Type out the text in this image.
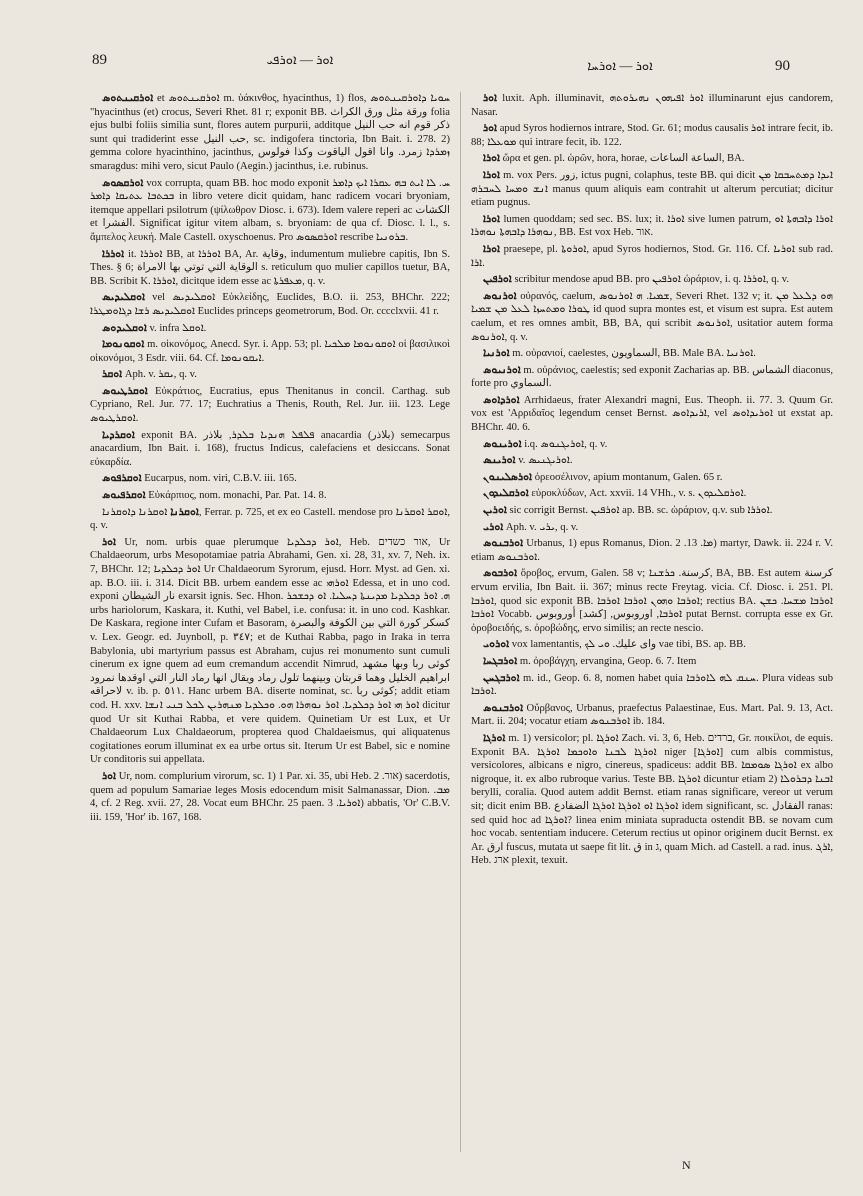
89	ܐܘܪ — ܐܘܪܦܝ	ܐܘܪ — ܐܘܪܚܐ	90

ܐܘܪܩܝܢܬܘܣ et ܐܘܪܩܝܢܬܘܣ m. ὑάκινθος, hyacinthus, 1) flos, ܚܘܝܐ ܕܐܘܪܩܝܢܬܘܣ "hyacinthus (et) crocus, Severi Rhet. 81 r; exponit BB. ورقة مثل ورق الكراث folia ejus bulbi foliis similia sunt, flores autem purpurii, additque ذكر قوم انه حب النيل sunt qui tradiderint esse حب النيل, sc. indigofera tinctoria, Ibn Bait. i. 278. 2) gemma colore hyacinthino, jacinthus, ܙܡܪܕܐ زمرد. وانا اقول الياقوت وكذا فولوس smaragdus: mihi vero, sicut Paulo (Aegin.) jacinthus, i.e. rubinus.

ܐܘܪܩܣܘܣ vox corrupta, quam BB. hoc modo exponit ܚ. ܠܐ ܐܝܬ ܒܗ ܥܩܪܐ ܐܝܟ ܕܐܡܪ ܒܟܬܒܐ ܥܬܝܩܐ ܕܐܡܪ in libro vetere dicit quidam, hanc radicem vocari bryoniam, itemque appellari psilotrum (ψίλωθρον Diosc. i. 673). Idem valere reperi ac الكشات et الفشرا. Significat igitur vitem albam, s. bryoniam: de qua cf. Diosc. l. l., s. ἄμπελος λευκή. Male Castell. oxyschoenus. Pro ܐܘܪܩܣܘܣ rescribe ܒܪܘܢܝܐ.

ܐܘܪܪܐ it. ܐܘܪܪܐ BB, at ܐܘܪܪܐ BA, Ar. وقاية, indumentum muliebre capitis, Ibn S. Thes. § 6; الوقاية التي توتي بها الامراة s. reticulum quo mulier capillos tuetur, BA, BB. Scribit K. ܐܘܪܪܐ, dicitque idem esse ac ܡܥܦܪܬܐ, q. v.

ܐܘܩܠܝܕܝܣ vel ܐܘܩܠܝܕܝܣ Εὐκλείδης, Euclides, B.O. ii. 253, BHChr. 222; ܐܘܩܠܝܕܝܣ ܪܫܐ ܕܓܐܘܡܛܪܐ Euclides princeps geometrorum, Bod. Or. cccclxvii. 41 r.

ܐܘܩܠܝܕܘܣ v. infra ܐܘܩܠ.

ܐܘܩܘܢܘܡܐ m. οἰκονόμος, Anecd. Syr. i. App. 53; pl. ܐܘܩܘܢܘܡܐ ܡܠܟܝܐ οἱ βασιλικοὶ οἰκονόμοι, 3 Esdr. viii. 64. Cf. ܐܝܩܘܢܘܡܐ.

ܐܘܩܪ Aph. v. ܝܩܪ, q. v.

ܐܘܩܪܛܝܘܣ Εὐκράτιος, Eucratius, epus Thenitanus in concil. Carthag. sub Cypriano, Rel. Jur. 77. 17; Euchratius a Thenis, Routh, Rel. Jur. iii. 123. Lege ܐܘܩܪܛܝܘܣ.

ܐܘܩܪܕܝܐ exponit BA. ܦܠܦܠ ܗܢܕܝܐ ܒܠܕܪ, بلاذر anacardia (بلاذر) semecarpus anacardium, Ibn Bait. i. 168), fructus Indicus, calefaciens et desiccans. Sonat εὐκαρδία.

ܐܘܩܪܦܘܣ Eucarpus, nom. viri, C.B.V. iii. 165.

ܐܘܩܪܦܝܘܣ Εὐκάρπιος, nom. monachi, Par. Pat. 14. 8.

ܐܘܩܪܢܐ ܐܘܩܪܢܐ ܕܐܘܩܪܢܐ, Ferrar. p. 725, et ex eo Castell. mendose pro ܐܘܩܪ ܐܘܩܪܢܐ, q. v.

ܐܘܪ Ur, nom. urbis quae plerumque ܐܘܪ ܕܟܠܕܝܐ, Heb. אור כשדים, Ur Chaldaeorum, urbs Mesopotamiae patria Abrahami, Gen. xi. 28, 31, xv. 7, Neh. ix. 7, BHChr. 12; ܐܘܪ ܕܟܠܕܝܐ Ur Chaldaeorum Syrorum, ejusd. Horr. Myst. ad Gen. xi. ap. B.O. iii. i. 314. Dicit BB. urbem eandem esse ac ܐܘܪܗܝ Edessa, et in uno cod. exponi نار الشيطان exarsit ignis. Sec. Hhon. ܗ. ܐܘܪ ܕܟܠܕܝܐ ܡܕܝܢܬܐ ܕܚܠܝܐ. ܐܘ ܕܟܫܟܪ urbs hariolorum, Kaskara, it. Kuthi, vel Babel, i.e. confusa: it. in uno cod. Kashkar. De Kaskara, regione inter Cufam et Basoram, كسكر كورة التي بين الكوفة والبصرة v. Lex. Geogr. ed. Juynboll, p. ٣٤٧; et de Kuthai Rabba, pago in Iraka in terra Babylonia, ubi martyrium passus est Abraham, cujus rei monumento sunt cumuli cinerum ex igne quem ad eum cremandum accendit Nimrud, كوثى ربا وبها مشهد ابراهيم الخليل وهما قربتان وبينهما تلول رماد ويقال انها رماد النار التي اوقدها نمرود لاحراقه v. ib. p. ٥١١. Hanc urbem BA. diserte nominat, sc. كوثى ربا; addit etiam cod. H. xxv. ܐܘܪ ܗܝ ܐܘܪ ܕܟܠܕܝܐ. ܐܘܪ ܢܘܗܪܐ ܗܘ. ܘܟܠܕܝܐ ܡܢܗܪܝܢ ܠܟܠ ܒܢܝ ܐܢܫܐ dicitur quod Ur sit Kuthai Rabba, et vere quidem. Quinetiam Ur est Lux, et Ur Chaldaeorum Lux Chaldaeorum, propterea quod Chaldaeismus, qui aliquatenus cogitationes eorum illuminat ex ea urbe ortus sit. Iterum Ur est Babel, sic e nomine Ur conditoris sui appellata.

ܐܘܪ Ur, nom. complurium virorum, sc. 1) 1 Par. xi. 35, ubi Heb. אור. 2) sacerdotis, quem ad populum Samariae leges Mosis edocendum misit Salmanassar, Dion. ܡܒ. 4, cf. 2 Reg. xvii. 27, 28. Vocat eum BHChr. 25 paen. ܐܘܪܝܐ. 3) abbatis, 'Or' C.B.V. iii. 159, 'Hor' ib. 167, 168.

ܐܘܪ luxit. Aph. illuminavit, ܐܘܪ ܐܦܝܗܘܢ ܢܗܝܪܘܬܗ illuminarunt ejus candorem, Nasar.

ܐܘܪ apud Syros hodiernos intrare, Stod. Gr. 61; modus causalis ܐܘܪ intrare fecit, ib. 88; ܡܘܥܠܐ qui intrare fecit, ib. 122.

ܐܘܪܐ ὥρα et gen. pl. ὡρῶν, hora, horae, الساعة الساعات, BA.

ܐܘܪܐ m. vox Pers. زور, ictus pugni, colaphus, teste BB. qui dicit ܐܝܕܐ ܕܡܬܚܒܩܐ ܡܢ ܐܢܫ ܘܡܚܐ ܠܚܒܪܗ manus quum aliquis eam contrahit ut alterum percutiat; dicitur etiam pugnus.

ܐܘܪܐ lumen quoddam; sed sec. BS. lux; it. ܐܘܪܐ sive lumen patrum, ܐܘܪܐ ܕܐܒܗܬܐ ܐܘ ܢܘܗܪܐ ܕܐܒܗܬܐ ܢܘܗܪܐ, BB. Est vox Heb. אור.

ܐܘܪܐ praesepe, pl. ܐܘܪܘܬܐ, apud Syros hodiernos, Stod. Gr. 116. Cf. ܐܘܪܝܐ sub rad. ܐܪܐ.

ܐܘܪܦܝܢ scribitur mendose apud BB. pro ܐܘܪܦܝܢ ὡράριον, i. q. ܐܘܪܪܐ, q. v.

ܐܘܪܢܘܣ οὐρανός, caelum, ܫܡܝܐ. ܗ ܐܘܪܢܘܣ, Severi Rhet. 132 v; it. ܗܘ ܕܠܥܠ ܡܢ ܛܘܪܐ ܘܡܬܚܙܐ ܠܥܠ ܡܢ ܫܡܝܐ id quod supra montes est, et visum est supra. Est autem caelum, et res omnes ambit, BB, BA, qui scribit ܐܘܪܢܘܣ, usitatior autem forma ܐܘܪܢܘܣ, q. v.

ܐܘܪܢܝܐ m. οὐρανιοί, caelestes, السماويون, BB. Male BA. ܐܘܪܢܝܐ.

ܐܘܪܢܝܘܣ m. οὐράνιος, caelestis; sed exponit Zacharias ap. BB. الشماس diaconus, forte pro السماوي.

ܐܘܪܕܐܘܣ Arrhidaeus, frater Alexandri magni, Eus. Theoph. ii. 77. 3. Quum Gr. vox est 'Αρριδαῖος legendum censet Bernst. ܐܪܝܕܐܘܣ, vel ܐܘܪܝܕܐܘܣ ut exstat ap. BHChr. 40. 6.

ܐܘܪܝܢܘܣ i.q. ܐܘܪܝܓܢܘܣ, q. v.

ܐܘܪܝܢܣ v. ܐܘܪܝܓܢܝܣ.

ܐܘܪܣܠܝܢܘܢ ὀρεοσέλινον, apium montanum, Galen. 65 r.

ܐܘܪܩܠܝܕܘܢ εὐροκλύδων, Act. xxvii. 14 VHh., v. s. ܐܘܪܩܠܝܕܘܢ.

ܐܘܪܝܢ sic corrigit Bernst. ܐܘܪܦܝܢ ap. BB. sc. ὡράριον, q.v. sub ܐܘܪܪܐ.

ܐܘܪܝ Aph. v. ܝܪܝ, q. v.

ܐܘܪܒܢܘܣ Urbanus, 1) epus Romanus, Dion. ܡܐ. 13. 2) martyr, Dawk. ii. 224 r. V. etiam ܐܘܪܒܢܘܣ.

ܐܘܪܒܘܣ ὄροβος, ervum, Galen. 58 v; كرسنة. ܟܪܫܢܐ, BA, BB. Est autem كرسنة ervum ervilia, Ibn Bait. ii. 367; minus recte Freytag. vicia. Cf. Diosc. i. 251. Pl. ܐܘܪܒܐ, quod sic exponit BB. ܐܘܪܒܐ ܘܗܘܢ ܐܘܪܒܐ ܐܘܪܒܐ; rectius BA. ܐܘܪܒܐ ܡܫܚܐ. ܟܫܢ ܐܘܪܒܐ Vocabb. ܐܘܪܒܐ, اوروبوس, [كشد] أوروبوس putat Bernst. corrupta esse ex Gr. ὀροβοειδής, s. ὀροβώδης, ervo similis; an recte nescio.

ܐܘܪܘܝ vox lamentantis, واى عليك. ܘܝ ܠܟ vae tibi, BS. ap. BB.

ܐܘܪܒܓܚܐ m. ὀροβάγχη, ervangina, Geop. 6. 7. Item

ܐܘܪܒܓܚܢ m. id., Geop. 6. 8, nomen habet quia ܚܢܩ ܠܗ ܠܐܘܪܒܐ. Plura videas sub ܐܘܪܒܐ.

ܐܘܪܒܢܘܣ Οὔρβανος, Urbanus, praefectus Palaestinae, Eus. Mart. Pal. 9. 13, Act. Mart. ii. 204; vocatur etiam ܐܘܪܒܢܘܣ ib. 184.

ܐܘܪܓܐ m. 1) versicolor; pl. ܐܘܪܓܐ Zach. vi. 3, 6, Heb. ברדים, Gr. ποικίλοι, de equis. Exponit BA. ܐܘܪܓܐ ܠܒܢܐ ܘܐܘܟܡܐ ܐܘܪܓܐ niger [ܐܘܪܓܐ] cum albis commistus, versicolores, albicans e nigro, cinereus, spadiceus: addit BB. ܐܘܪܓܐ ܣܘܡܩܐ ex albo nigroque, it. ex albo rubroque varius. Teste BB. ܐܘܪܓܐ dicuntur etiam 2) ܐܒܢܐ ܕܒܪܘܠܐ berylli, coralia. Quod autem addit Bernst. etiam ranas significare, vereor ut verum sit; dicit enim BB. ܐܘܪܓܐ ܐܘ ܐܘܪܓܐ ܐܘܪܓܐ الضفادع idem significant, sc. الفقادل ranas: sed quid hoc ad ܐܘܪܓܐ? linea enim miniata supraducta ostendit BB. se novam cum hoc vocab. sententiam inducere. Ceterum rectius ut opinor originem ducit Bernst. ex Ar. ارق fuscus, mutata ut saepe fit lit. ق in ג, quam Mich. ad Castell. a rad. inus. ܐܪܓ, Heb. ארג plexit, texuit.

N
